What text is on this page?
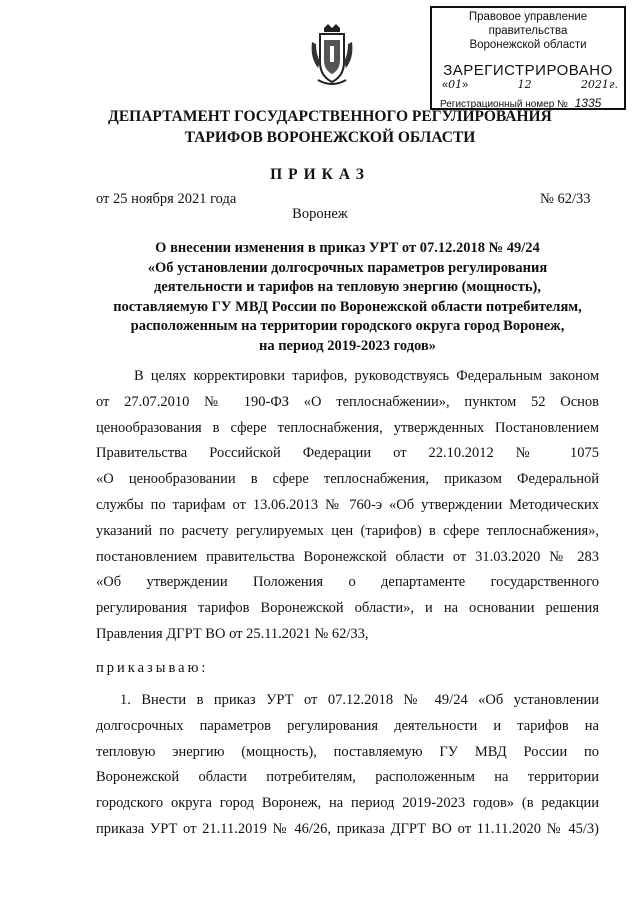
Правовое управление правительства
Воронежской области
ЗАРЕГИСТРИРОВАНО
«01»	12	2021г.
Регистрационный номер № 1335
ДЕПАРТАМЕНТ ГОСУДАРСТВЕННОГО РЕГУЛИРОВАНИЯ
ТАРИФОВ ВОРОНЕЖСКОЙ ОБЛАСТИ
ПРИКАЗ
от 25 ноября 2021 года	№ 62/33
Воронеж
О внесении изменения в приказ УРТ от 07.12.2018 № 49/24
«Об установлении долгосрочных параметров регулирования
деятельности и тарифов на тепловую энергию (мощность),
поставляемую ГУ МВД России по Воронежской области потребителям,
расположенным на территории городского округа город Воронеж,
на период 2019-2023 годов»
В целях корректировки тарифов, руководствуясь Федеральным законом
от 27.07.2010 № 190-ФЗ «О теплоснабжении», пунктом 52 Основ
ценообразования в сфере теплоснабжения, утвержденных Постановлением
Правительства Российской Федерации от 22.10.2012 № 1075
«О ценообразовании в сфере теплоснабжения, приказом Федеральной
службы по тарифам от 13.06.2013 № 760-э «Об утверждении Методических
указаний по расчету регулируемых цен (тарифов) в сфере теплоснабжения»,
постановлением правительства Воронежской области от 31.03.2020 № 283
«Об утверждении Положения о департаменте государственного
регулирования тарифов Воронежской области», и на основании решения
Правления ДГРТ ВО от 25.11.2021 № 62/33,
приказываю:
1. Внести в приказ УРТ от 07.12.2018 № 49/24 «Об установлении
долгосрочных параметров регулирования деятельности и тарифов на
тепловую энергию (мощность), поставляемую ГУ МВД России по
Воронежской области потребителям, расположенным на территории
городского округа город Воронеж, на период 2019-2023 годов» (в редакции
приказа УРТ от 21.11.2019 № 46/26, приказа ДГРТ ВО от 11.11.2020 № 45/3)
